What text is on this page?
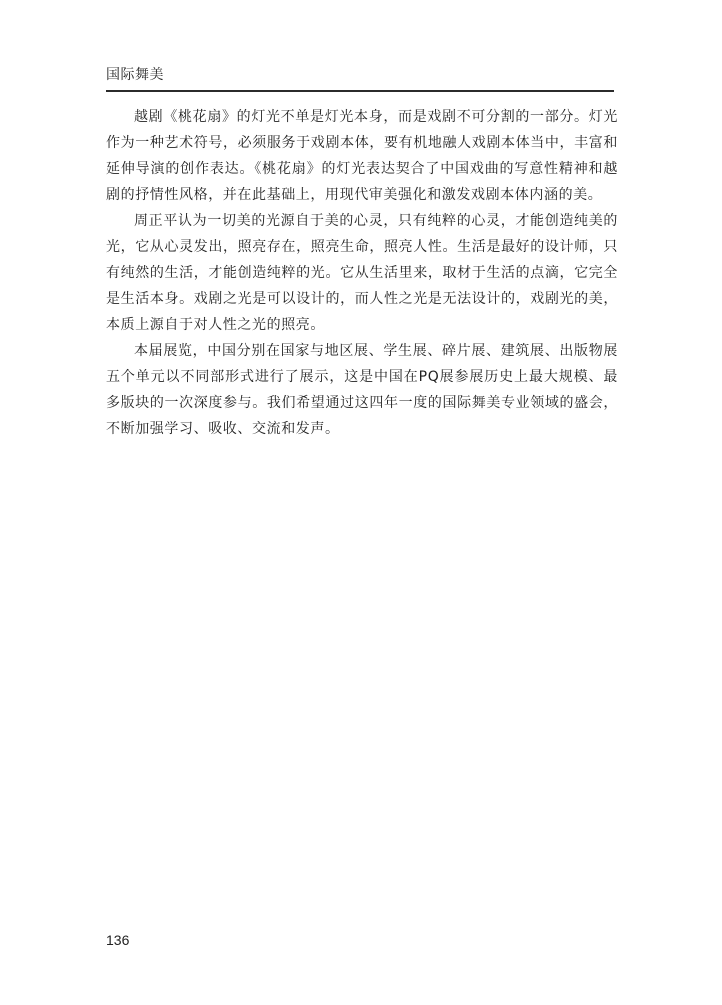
国际舞美

越剧《桃花扇》的灯光不单是灯光本身，而是戏剧不可分割的一部分。灯光作为一种艺术符号，必须服务于戏剧本体，要有机地融人戏剧本体当中，丰富和延伸导演的创作表达。《桃花扇》的灯光表达契合了中国戏曲的写意性精神和越剧的抒情性风格，并在此基础上，用现代审美强化和激发戏剧本体内涵的美。

周正平认为一切美的光源自于美的心灵，只有纯粹的心灵，才能创造纯美的光，它从心灵发出，照亮存在，照亮生命，照亮人性。生活是最好的设计师，只有纯然的生活，才能创造纯粹的光。它从生活里来，取材于生活的点滴，它完全是生活本身。戏剧之光是可以设计的，而人性之光是无法设计的，戏剧光的美，本质上源自于对人性之光的照亮。

本届展览，中国分别在国家与地区展、学生展、碎片展、建筑展、出版物展五个单元以不同部形式进行了展示，这是中国在PQ展参展历史上最大规模、最多版块的一次深度参与。我们希望通过这四年一度的国际舞美专业领域的盛会，不断加强学习、吸收、交流和发声。

136
